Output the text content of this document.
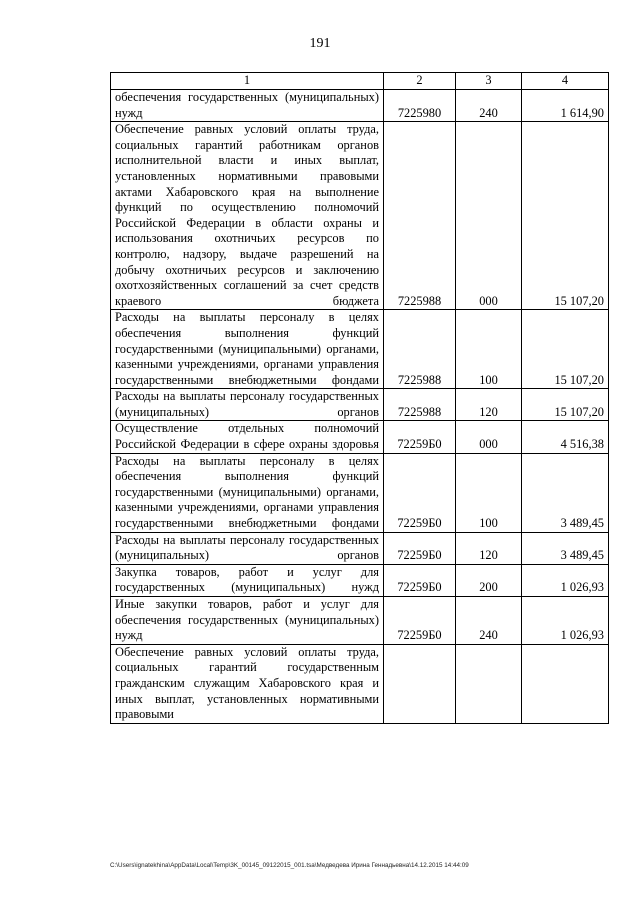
191
1	2	3	4
обеспечения государственных (муниципальных) нужд	7225980	240	1 614,90
Обеспечение равных условий оплаты труда, социальных гарантий работникам органов исполнительной власти и иных выплат, установленных нормативными правовыми актами Хабаровского края на выполнение функций по осуществлению полномочий Российской Федерации в области охраны и использования охотничьих ресурсов по контролю, надзору, выдаче разрешений на добычу охотничьих ресурсов и заключению охотхозяйственных соглашений за счет средств краевого бюджета	7225988	000	15 107,20
Расходы на выплаты персоналу в целях обеспечения выполнения функций государственными (муниципальными) органами, казенными учреждениями, органами управления государственными внебюджетными фондами	7225988	100	15 107,20
Расходы на выплаты персоналу государственных (муниципальных) органов	7225988	120	15 107,20
Осуществление отдельных полномочий Российской Федерации в сфере охраны здоровья	72259Б0	000	4 516,38
Расходы на выплаты персоналу в целях обеспечения выполнения функций государственными (муниципальными) органами, казенными учреждениями, органами управления государственными внебюджетными фондами	72259Б0	100	3 489,45
Расходы на выплаты персоналу государственных (муниципальных) органов	72259Б0	120	3 489,45
Закупка товаров, работ и услуг для государственных (муниципальных) нужд	72259Б0	200	1 026,93
Иные закупки товаров, работ и услуг для обеспечения государственных (муниципальных) нужд	72259Б0	240	1 026,93
Обеспечение равных условий оплаты труда, социальных гарантий государственным гражданским служащим Хабаровского края и иных выплат, установленных нормативными правовыми			
C:\Users\ignatekhina\AppData\Local\Temp\3K_00145_09122015_001.tsa\Медведева Ирина Геннадьевна\14.12.2015 14:44:09
